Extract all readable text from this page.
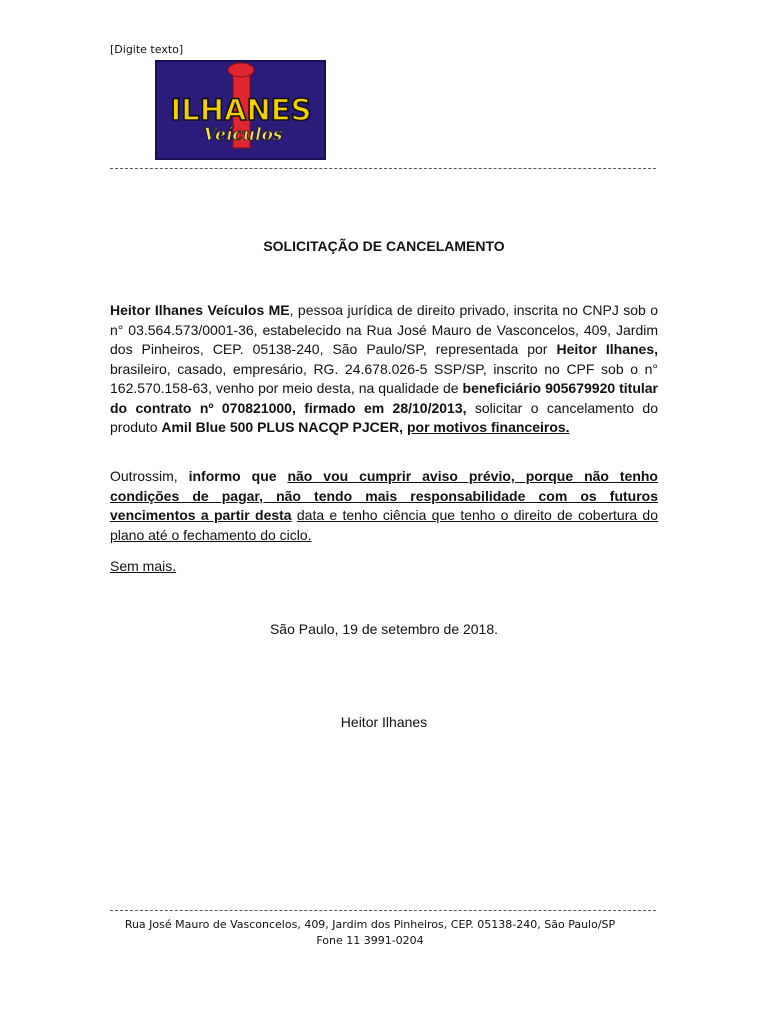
[Digite texto]
ILHANES
Veículos
SOLICITAÇÃO DE CANCELAMENTO

Heitor Ilhanes Veículos ME, pessoa jurídica de direito privado, inscrita no CNPJ sob o n° 03.564.573/0001-36, estabelecido na Rua José Mauro de Vasconcelos, 409, Jardim dos Pinheiros, CEP. 05138-240, São Paulo/SP, representada por Heitor Ilhanes, brasileiro, casado, empresário, RG. 24.678.026-5 SSP/SP, inscrito no CPF sob o n° 162.570.158-63, venho por meio desta, na qualidade de beneficiário 905679920 titular do contrato nº 070821000, firmado em 28/10/2013, solicitar o cancelamento do produto Amil Blue 500 PLUS NACQP PJCER, por motivos financeiros.

Outrossim, informo que não vou cumprir aviso prévio, porque não tenho condições de pagar, não tendo mais responsabilidade com os futuros vencimentos a partir desta data e tenho ciência que tenho o direito de cobertura do plano até o fechamento do ciclo.

Sem mais.

São Paulo, 19 de setembro de 2018.
Heitor Ilhanes
Rua José Mauro de Vasconcelos, 409, Jardim dos Pinheiros, CEP. 05138-240, São Paulo/SP
Fone 11 3991-0204
